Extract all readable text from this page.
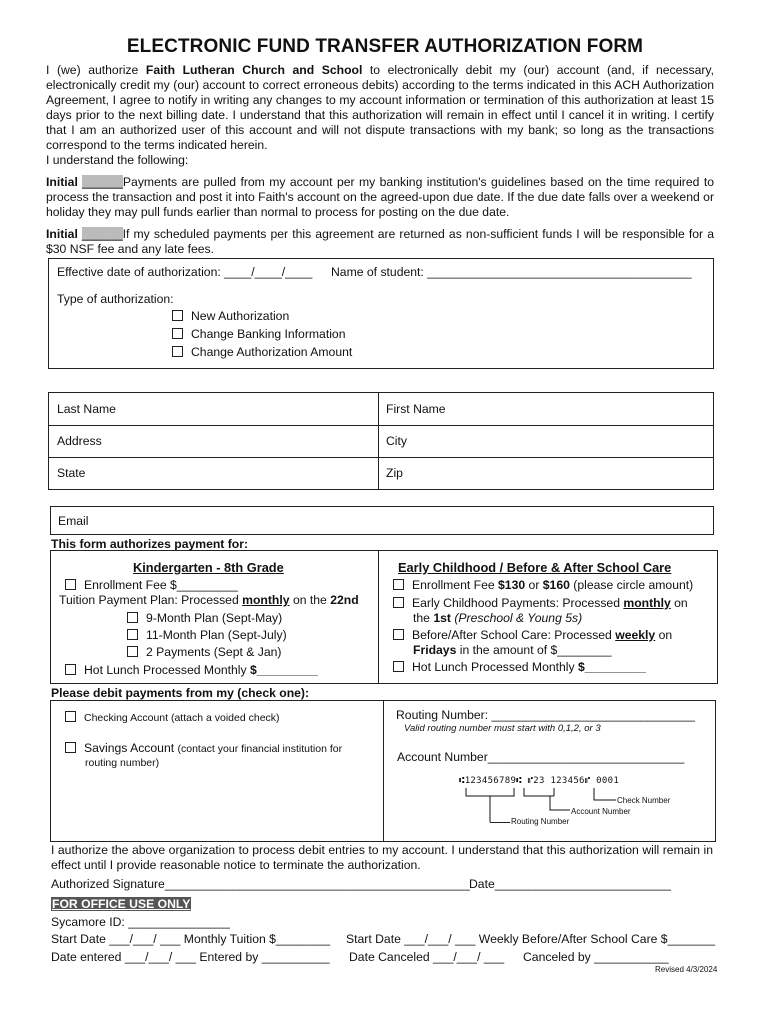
ELECTRONIC FUND TRANSFER AUTHORIZATION FORM
I (we) authorize Faith Lutheran Church and School to electronically debit my (our) account (and, if necessary, electronically credit my (our) account to correct erroneous debits) according to the terms indicated in this ACH Authorization Agreement, I agree to notify in writing any changes to my account information or termination of this authorization at least 15 days prior to the next billing date. I understand that this authorization will remain in effect until I cancel it in writing. I certify that I am an authorized user of this account and will not dispute transactions with my bank; so long as the transactions correspond to the terms indicated herein.
I understand the following:
Initial ______Payments are pulled from my account per my banking institution's guidelines based on the time required to process the transaction and post it into Faith's account on the agreed-upon due date. If the due date falls over a weekend or holiday they may pull funds earlier than normal to process for posting on the due date.
Initial ______If my scheduled payments per this agreement are returned as non-sufficient funds I will be responsible for a $30 NSF fee and any late fees.
Effective date of authorization: ____/____/____ Name of student: _______________________________________
Type of authorization:
New Authorization
Change Banking Information
Change Authorization Amount
Last Name	First Name
Address	City
State	Zip
Email
This form authorizes payment for:
Kindergarten - 8th Grade
Enrollment Fee $_________
Tuition Payment Plan: Processed monthly on the 22nd
9-Month Plan (Sept-May)
11-Month Plan (Sept-July)
2 Payments (Sept & Jan)
Hot Lunch Processed Monthly $_________
Early Childhood / Before & After School Care
Enrollment Fee $130 or $160 (please circle amount)
Early Childhood Payments: Processed monthly on
the 1st (Preschool & Young 5s)
Before/After School Care: Processed weekly on
Fridays in the amount of $________
Hot Lunch Processed Monthly $_________
Please debit payments from my (check one):
Checking Account (attach a voided check)
Savings Account (contact your financial institution for
routing number)
Routing Number: ______________________________
Valid routing number must start with 0,1,2, or 3
Account Number_____________________________
⑆123456789⑆ ⑈23 123456⑈ 0001
Check Number
Account Number
Routing Number
I authorize the above organization to process debit entries to my account. I understand that this authorization will remain in effect until I provide reasonable notice to terminate the authorization.
Authorized Signature_____________________________________________ Date__________________________
FOR OFFICE USE ONLY
Sycamore ID: _______________
Start Date ___/___/ ___ Monthly Tuition $________ Start Date ___/___/ ___ Weekly Before/After School Care $_______
Date entered ___/___/ ___ Entered by __________ Date Canceled ___/___/ ___ Canceled by ___________
Revised 4/3/2024
